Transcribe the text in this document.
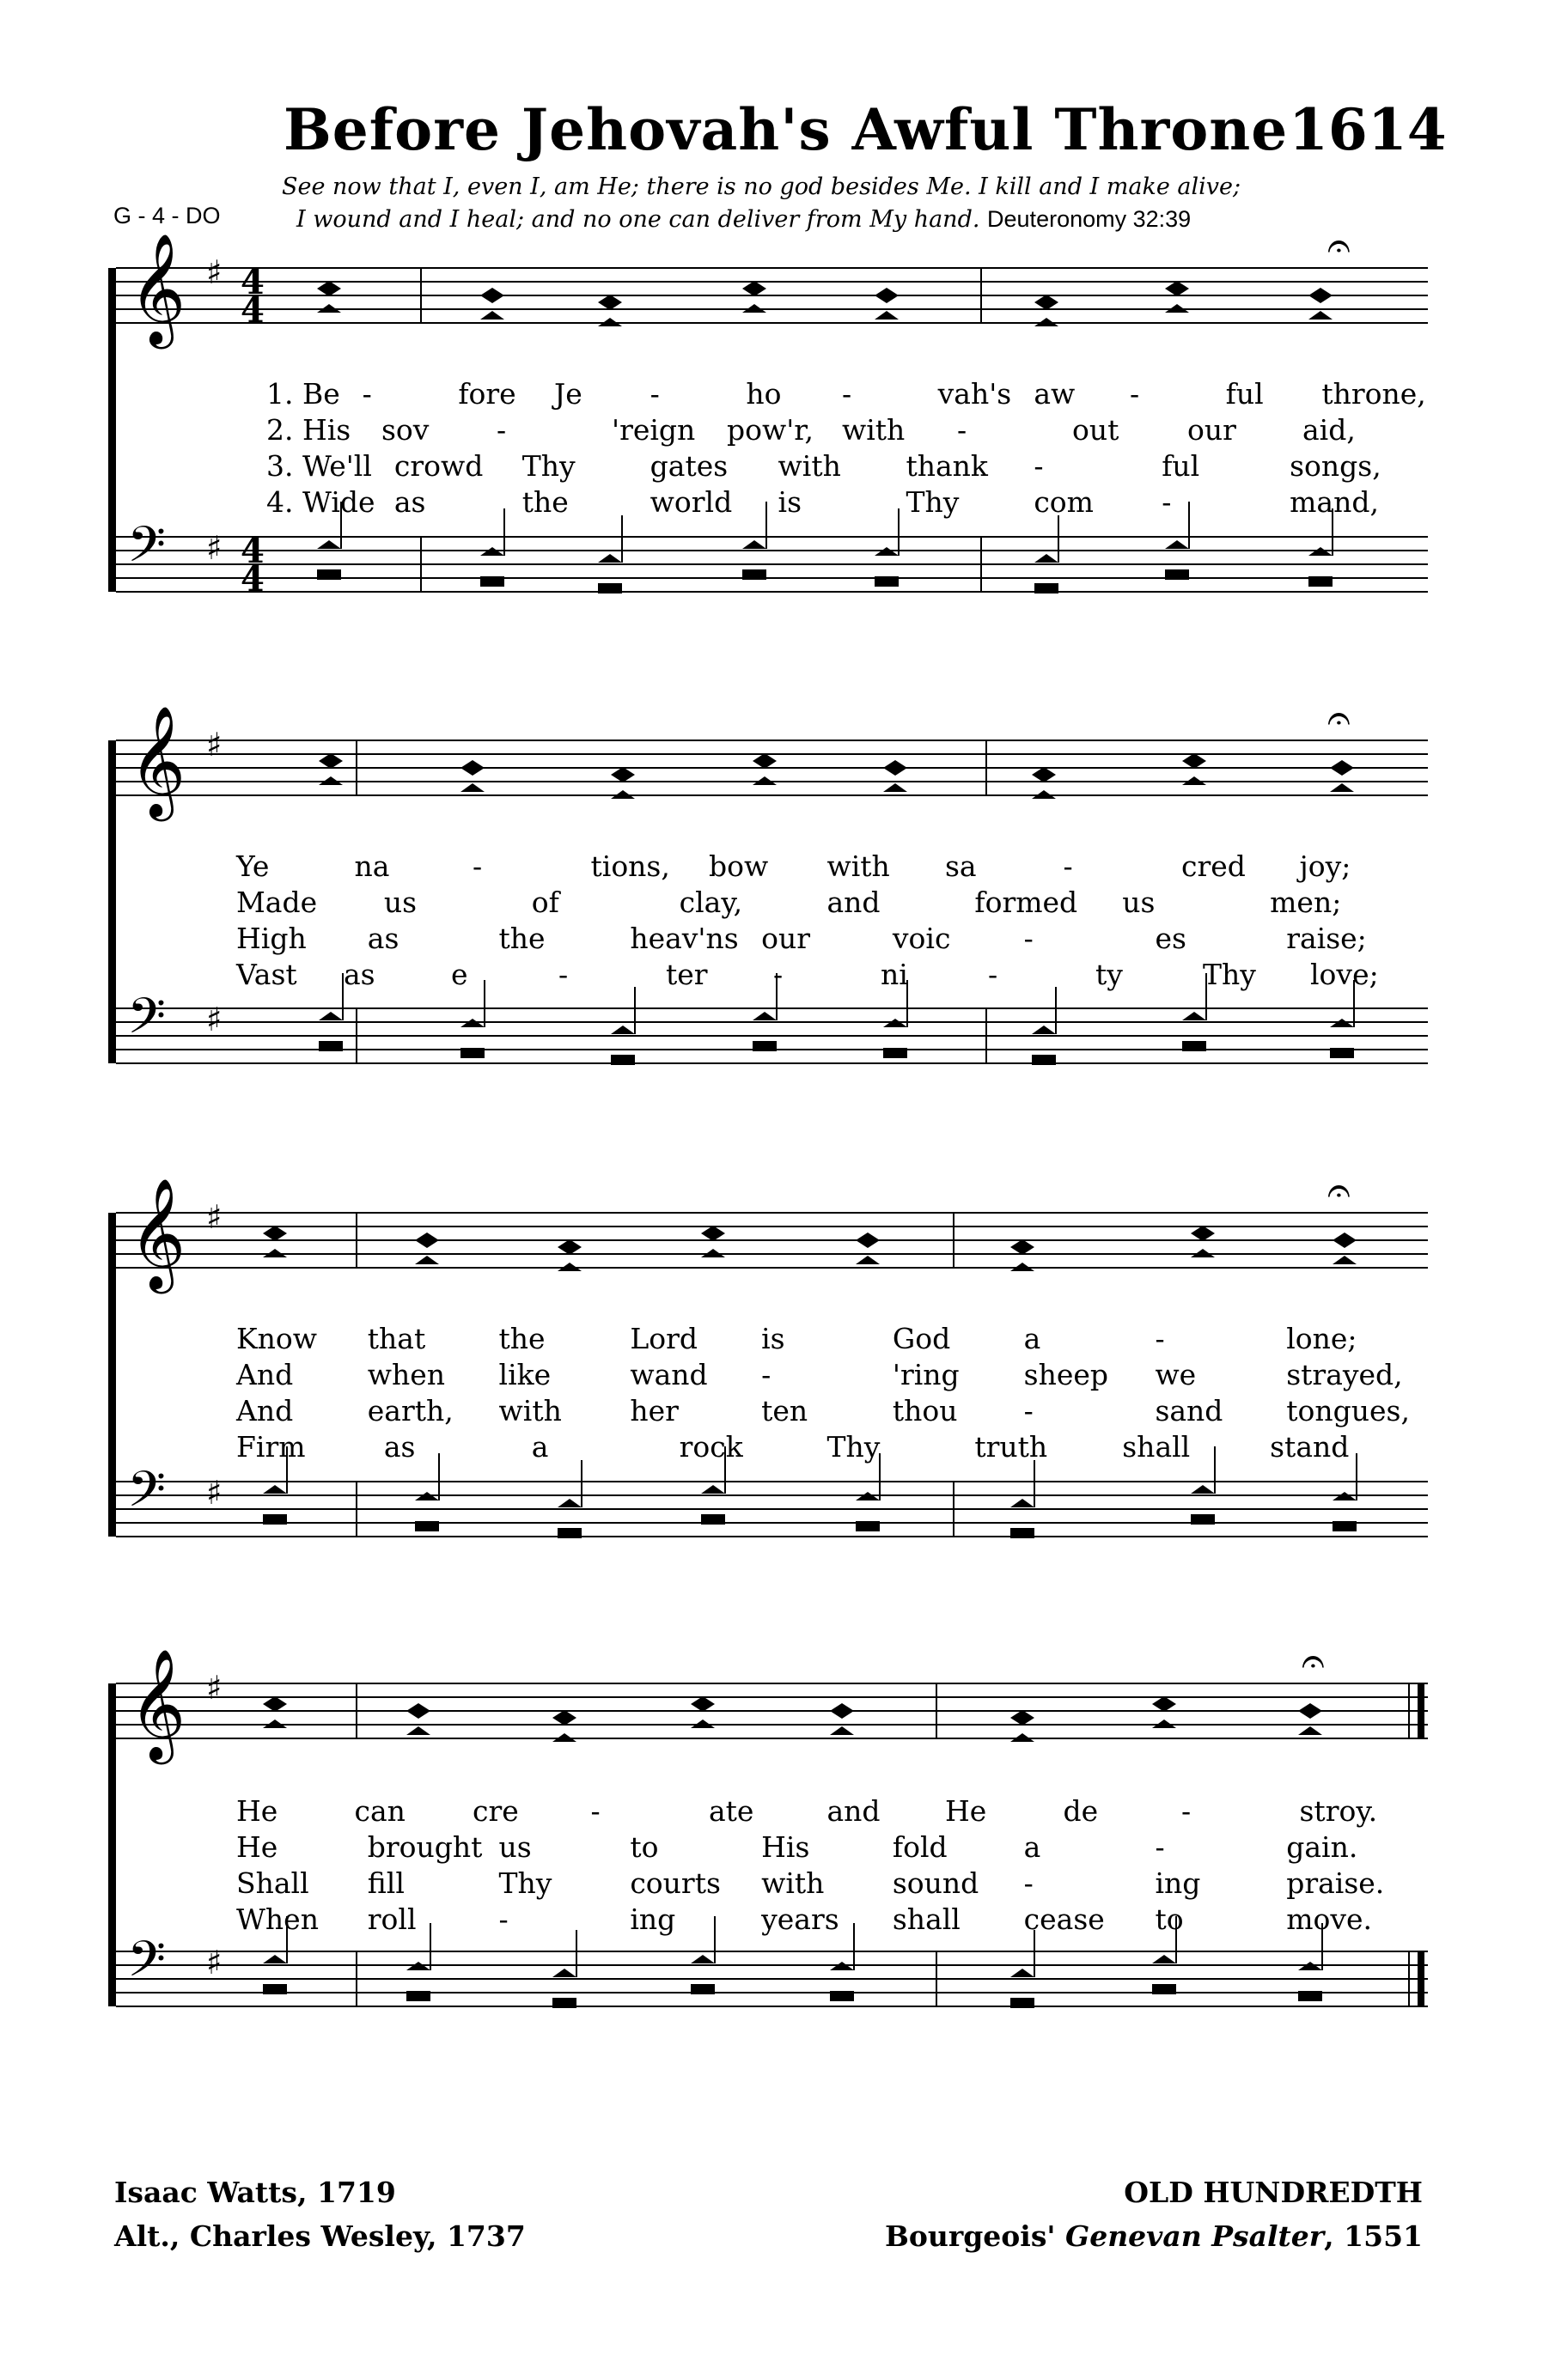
Before Jehovah's Awful Throne 1614
G - 4 - DO
See now that I, even I, am He; there is no god besides Me. I kill and I make alive;
I wound and I heal; and no one can deliver from My hand. Deuteronomy 32:39
𝄞 ♯ 4
4
𝄢 ♯ 4
4
𝄐
1. Be -	fore Je -	ho -	vah's aw -	ful throne,
2. His sov -	'reign pow'r, with -	out our aid,
3. We'll crowd Thy	gates with thank -	ful	songs,
4. Wide as	the	world is	Thy	com -	mand,
𝄞 ♯
𝄢 ♯
𝄐
Ye	na	-	tions, bow with sa	-	cred joy;
Made us	of	clay,	and	formed us	men;
High as	the	heav'ns our	voic	-	es	raise;
Vast as	e	-	ter -	ni	-	ty	Thy love;
𝄞 ♯
𝄢 ♯
𝄐
Know that	the	Lord is	God	a	-	lone;
And	when like	wand -	'ring sheep we	strayed,
And	earth, with her	ten	thou -	sand tongues,
Firm	as	a	rock	Thy	truth	shall	stand
𝄞 ♯
𝄢 ♯
𝄐
He	can cre	-	ate	and He	de	-	stroy.
He	brought us	to	His	fold	a	-	gain.
Shall fill	Thy	courts with sound -	ing	praise.
When roll	-	ing	years shall cease to	move.
Isaac Watts, 1719
Alt., Charles Wesley, 1737
OLD HUNDREDTH
Bourgeois' Genevan Psalter, 1551
